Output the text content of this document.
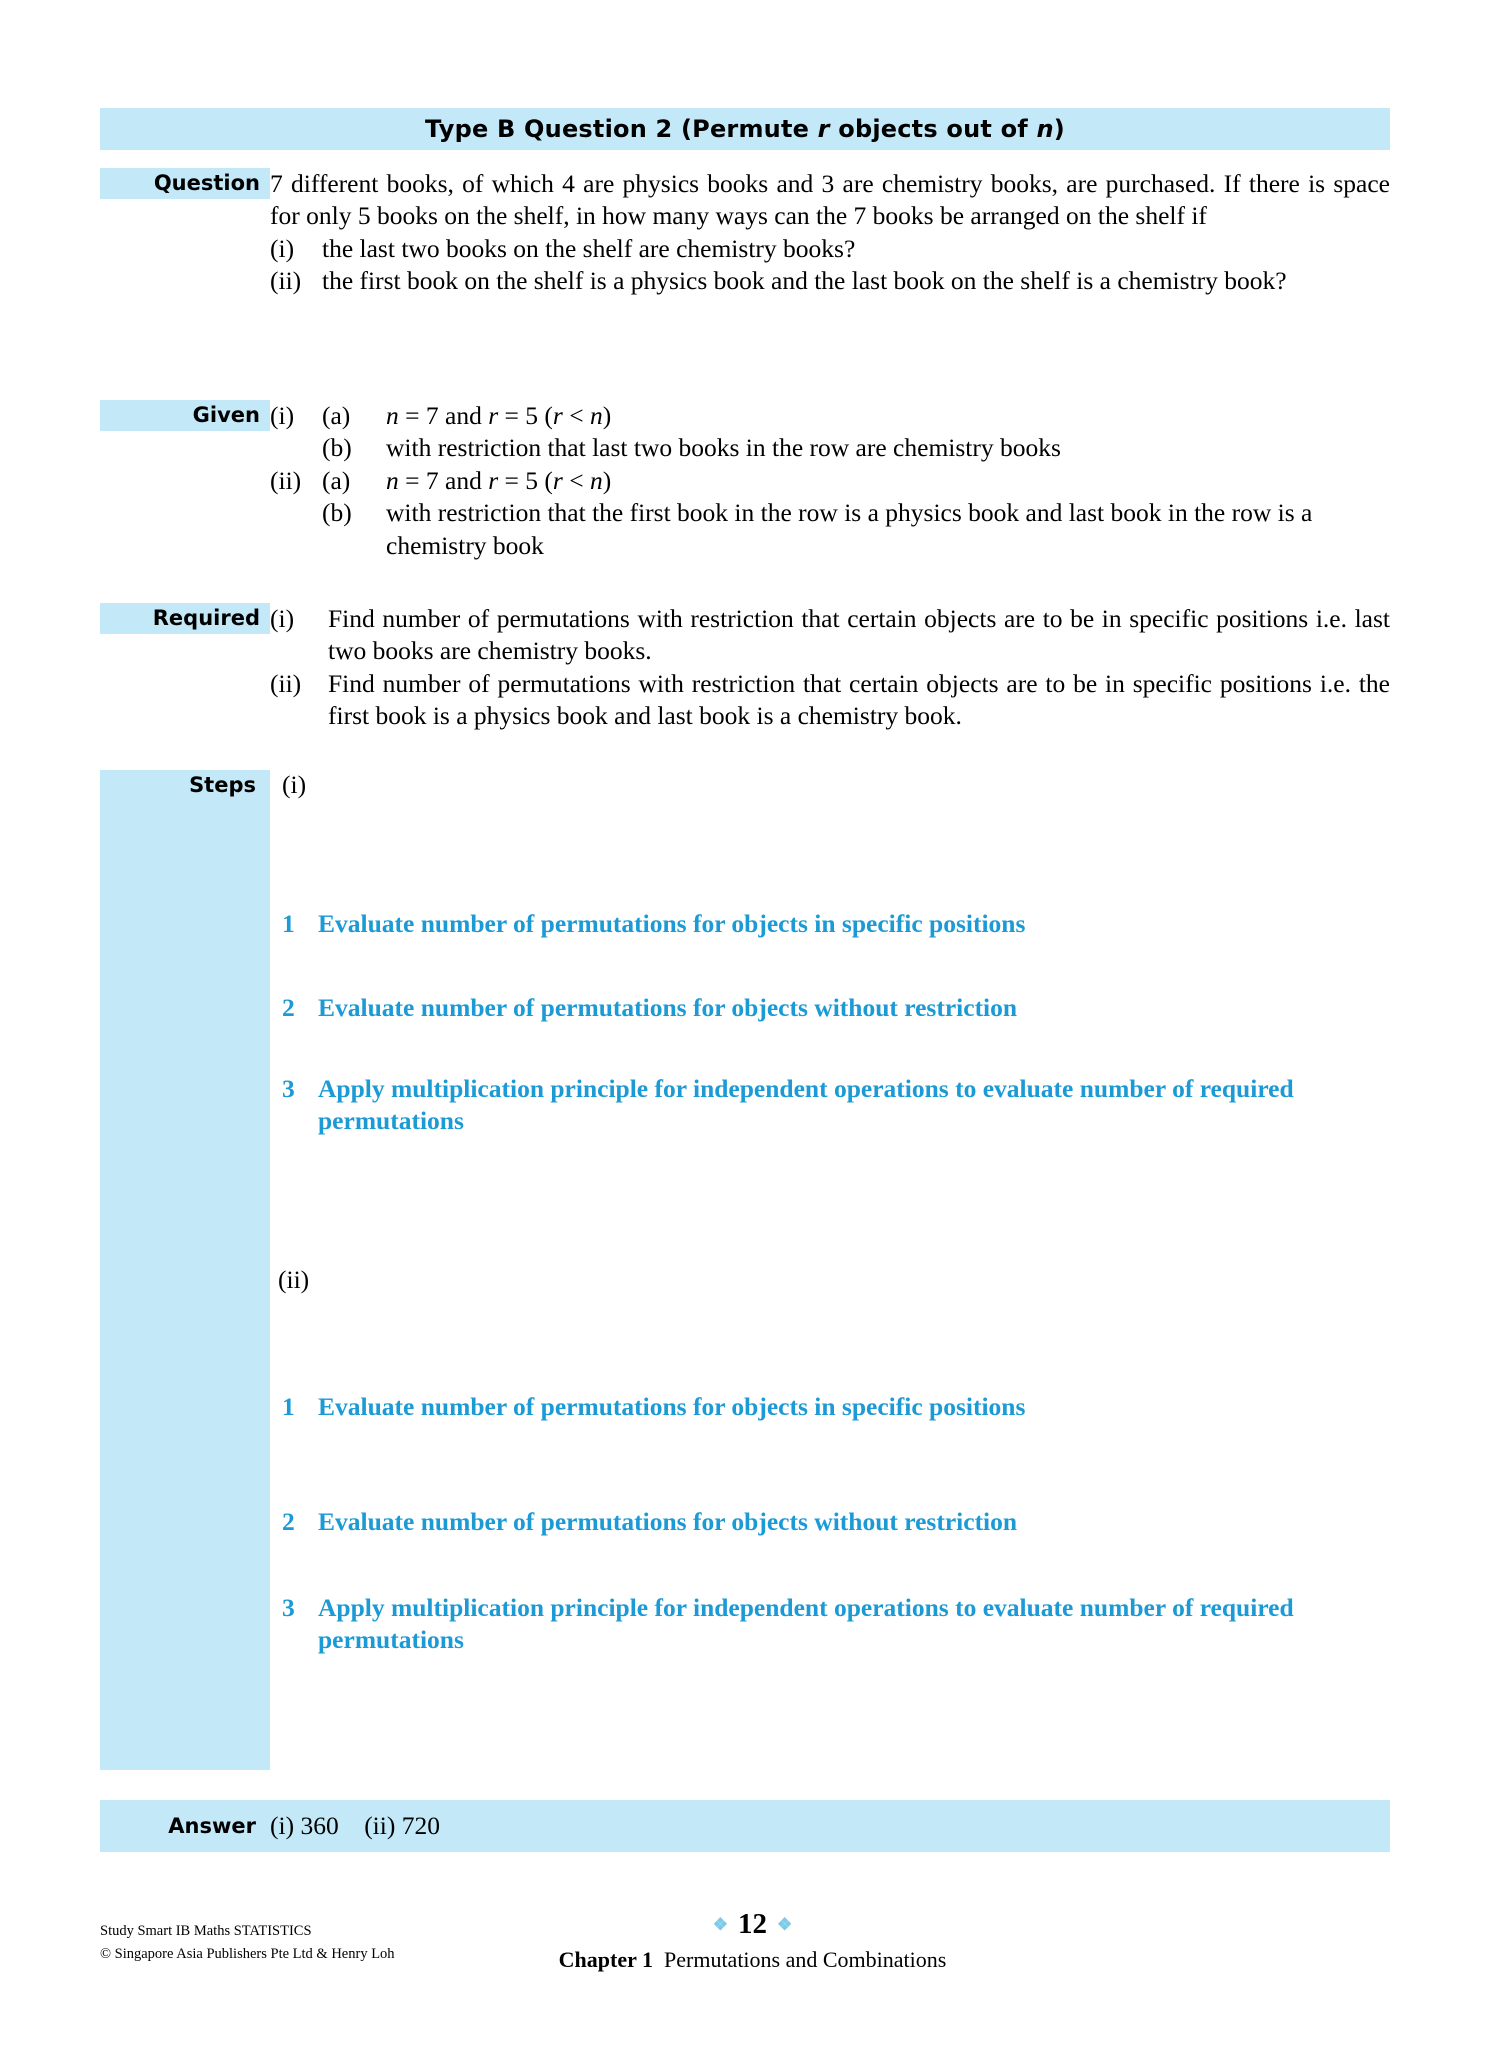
Type B Question 2 (Permute r objects out of n)
Question 7 different books, of which 4 are physics books and 3 are chemistry books, are purchased. If there is space for only 5 books on the shelf, in how many ways can the 7 books be arranged on the shelf if
(i)	the last two books on the shelf are chemistry books?
(ii) the first book on the shelf is a physics book and the last book on the shelf is a chemistry book?
Given (i)	(a)	n = 7 and r = 5 (r < n)
(b)	with restriction that last two books in the row are chemistry books
(ii) (a)	n = 7 and r = 5 (r < n)
(b)	with restriction that the first book in the row is a physics book and last book in the row is a chemistry book
Required (i)	Find number of permutations with restriction that certain objects are to be in specific positions i.e. last two books are chemistry books.
(ii)	Find number of permutations with restriction that certain objects are to be in specific positions i.e. the first book is a physics book and last book is a chemistry book.
Steps	(i)
1 Evaluate number of permutations for objects in specific positions
2 Evaluate number of permutations for objects without restriction
3 Apply multiplication principle for independent operations to evaluate number of required permutations
(ii)
1 Evaluate number of permutations for objects in specific positions
2 Evaluate number of permutations for objects without restriction
3 Apply multiplication principle for independent operations to evaluate number of required permutations
Answer (i) 360    (ii) 720
Study Smart IB Maths STATISTICS
© Singapore Asia Publishers Pte Ltd & Henry Loh
❖ 12 ❖
Chapter 1 Permutations and Combinations
